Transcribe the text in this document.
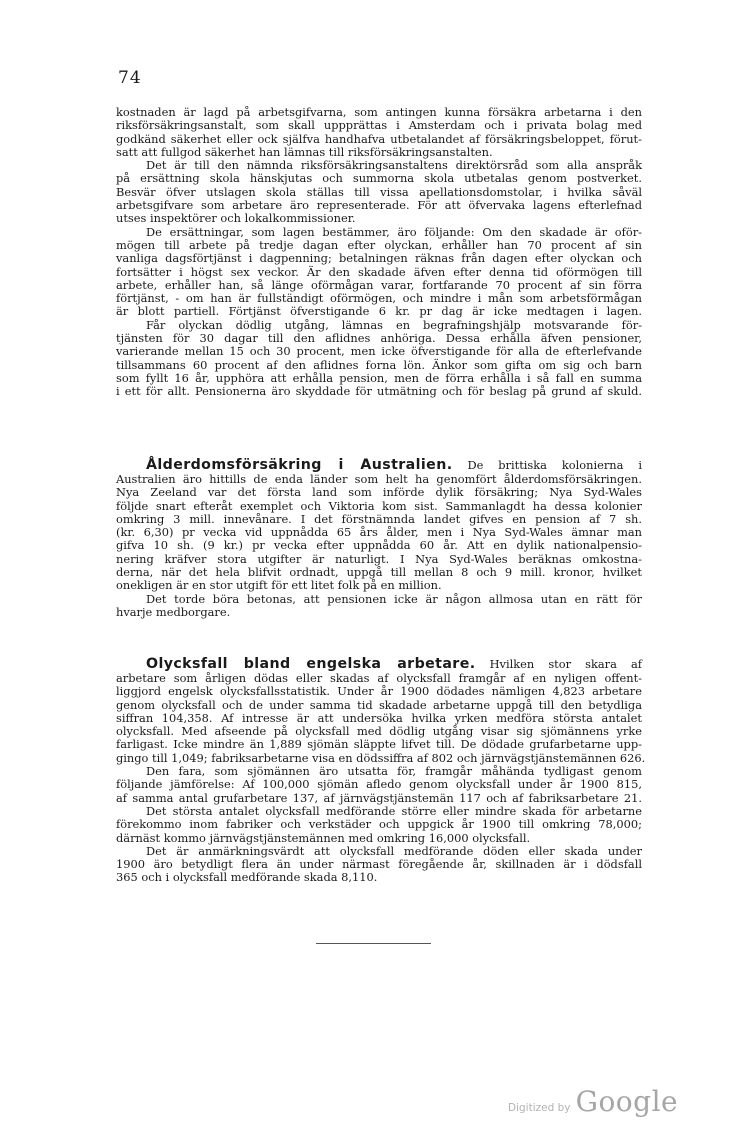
74
kostnaden är lagd på arbetsgifvarna, som antingen kunna försäkra arbetarna i den
riksförsäkringsanstalt, som skall uppprättas i Amsterdam och i privata bolag med
godkänd säkerhet eller ock själfva handhafva utbetalandet af försäkringsbeloppet, förut-
satt att fullgod säkerhet han lämnas till riksförsäkringsanstalten.
Det är till den nämnda riksförsäkringsanstaltens direktörsråd som alla anspråk
på ersättning skola hänskjutas och summorna skola utbetalas genom postverket.
Besvär öfver utslagen skola ställas till vissa apellationsdomstolar, i hvilka såväl
arbetsgifvare som arbetare äro representerade. För att öfvervaka lagens efterlefnad
utses inspektörer och lokalkommissioner.
De ersättningar, som lagen bestämmer, äro följande: Om den skadade är oför-
mögen till arbete på tredje dagan efter olyckan, erhåller han 70 procent af sin
vanliga dagsförtjänst i dagpenning; betalningen räknas från dagen efter olyckan och
fortsätter i högst sex veckor. Är den skadade äfven efter denna tid oförmögen till
arbete, erhåller han, så länge oförmågan varar, fortfarande 70 procent af sin förra
förtjänst, - om han är fullständigt oförmögen, och mindre i mån som arbetsförmågan
är blott partiell. Förtjänst öfverstigande 6 kr. pr dag är icke medtagen i lagen.
Får olyckan dödlig utgång, lämnas en begrafningshjälp motsvarande för-
tjänsten för 30 dagar till den aflidnes anhöriga. Dessa erhålla äfven pensioner,
varierande mellan 15 och 30 procent, men icke öfverstigande för alla de efterlefvande
tillsammans 60 procent af den aflidnes forna lön. Änkor som gifta om sig och barn
som fyllt 16 år, upphöra att erhålla pension, men de förra erhålla i så fall en summa
i ett för allt. Pensionerna äro skyddade för utmätning och för beslag på grund af skuld.
Ålderdomsförsäkring i Australien. De brittiska kolonierna i
Australien äro hittills de enda länder som helt ha genomfört ålderdomsförsäkringen.
Nya Zeeland var det första land som införde dylik försäkring; Nya Syd-Wales
följde snart efteråt exemplet och Viktoria kom sist. Sammanlagdt ha dessa kolonier
omkring 3 mill. innevånare. I det förstnämnda landet gifves en pension af 7 sh.
(kr. 6,30) pr vecka vid uppnådda 65 års ålder, men i Nya Syd-Wales ämnar man
gifva 10 sh. (9 kr.) pr vecka efter uppnådda 60 år. Att en dylik nationalpensio-
nering kräfver stora utgifter är naturligt. I Nya Syd-Wales beräknas omkostna-
derna, när det hela blifvit ordnadt, uppgå till mellan 8 och 9 mill. kronor, hvilket
onekligen är en stor utgift för ett litet folk på en million.
Det torde böra betonas, att pensionen icke är någon allmosa utan en rätt för
hvarje medborgare.
Olycksfall bland engelska arbetare. Hvilken stor skara af
arbetare som årligen dödas eller skadas af olycksfall framgår af en nyligen offent-
liggjord engelsk olycksfallsstatistik. Under år 1900 dödades nämligen 4,823 arbetare
genom olycksfall och de under samma tid skadade arbetarne uppgå till den betydliga
siffran 104,358. Af intresse är att undersöka hvilka yrken medföra största antalet
olycksfall. Med afseende på olycksfall med dödlig utgång visar sig sjömännens yrke
farligast. Icke mindre än 1,889 sjömän släppte lifvet till. De dödade grufarbetarne upp-
gingo till 1,049; fabriksarbetarne visa en dödssiffra af 802 och järnvägstjänstemännen 626.
Den fara, som sjömännen äro utsatta för, framgår måhända tydligast genom
följande jämförelse: Af 100,000 sjömän afledo genom olycksfall under år 1900 815,
af samma antal grufarbetare 137, af järnvägstjänstemän 117 och af fabriksarbetare 21.
Det största antalet olycksfall medförande större eller mindre skada för arbetarne
förekommo inom fabriker och verkstäder och uppgick år 1900 till omkring 78,000;
därnäst kommo järnvägstjänstemännen med omkring 16,000 olycksfall.
Det är anmärkningsvärdt att olycksfall medförande döden eller skada under
1900 äro betydligt flera än under närmast föregående år, skillnaden är i dödsfall
365 och i olycksfall medförande skada 8,110.
Digitized by Google
